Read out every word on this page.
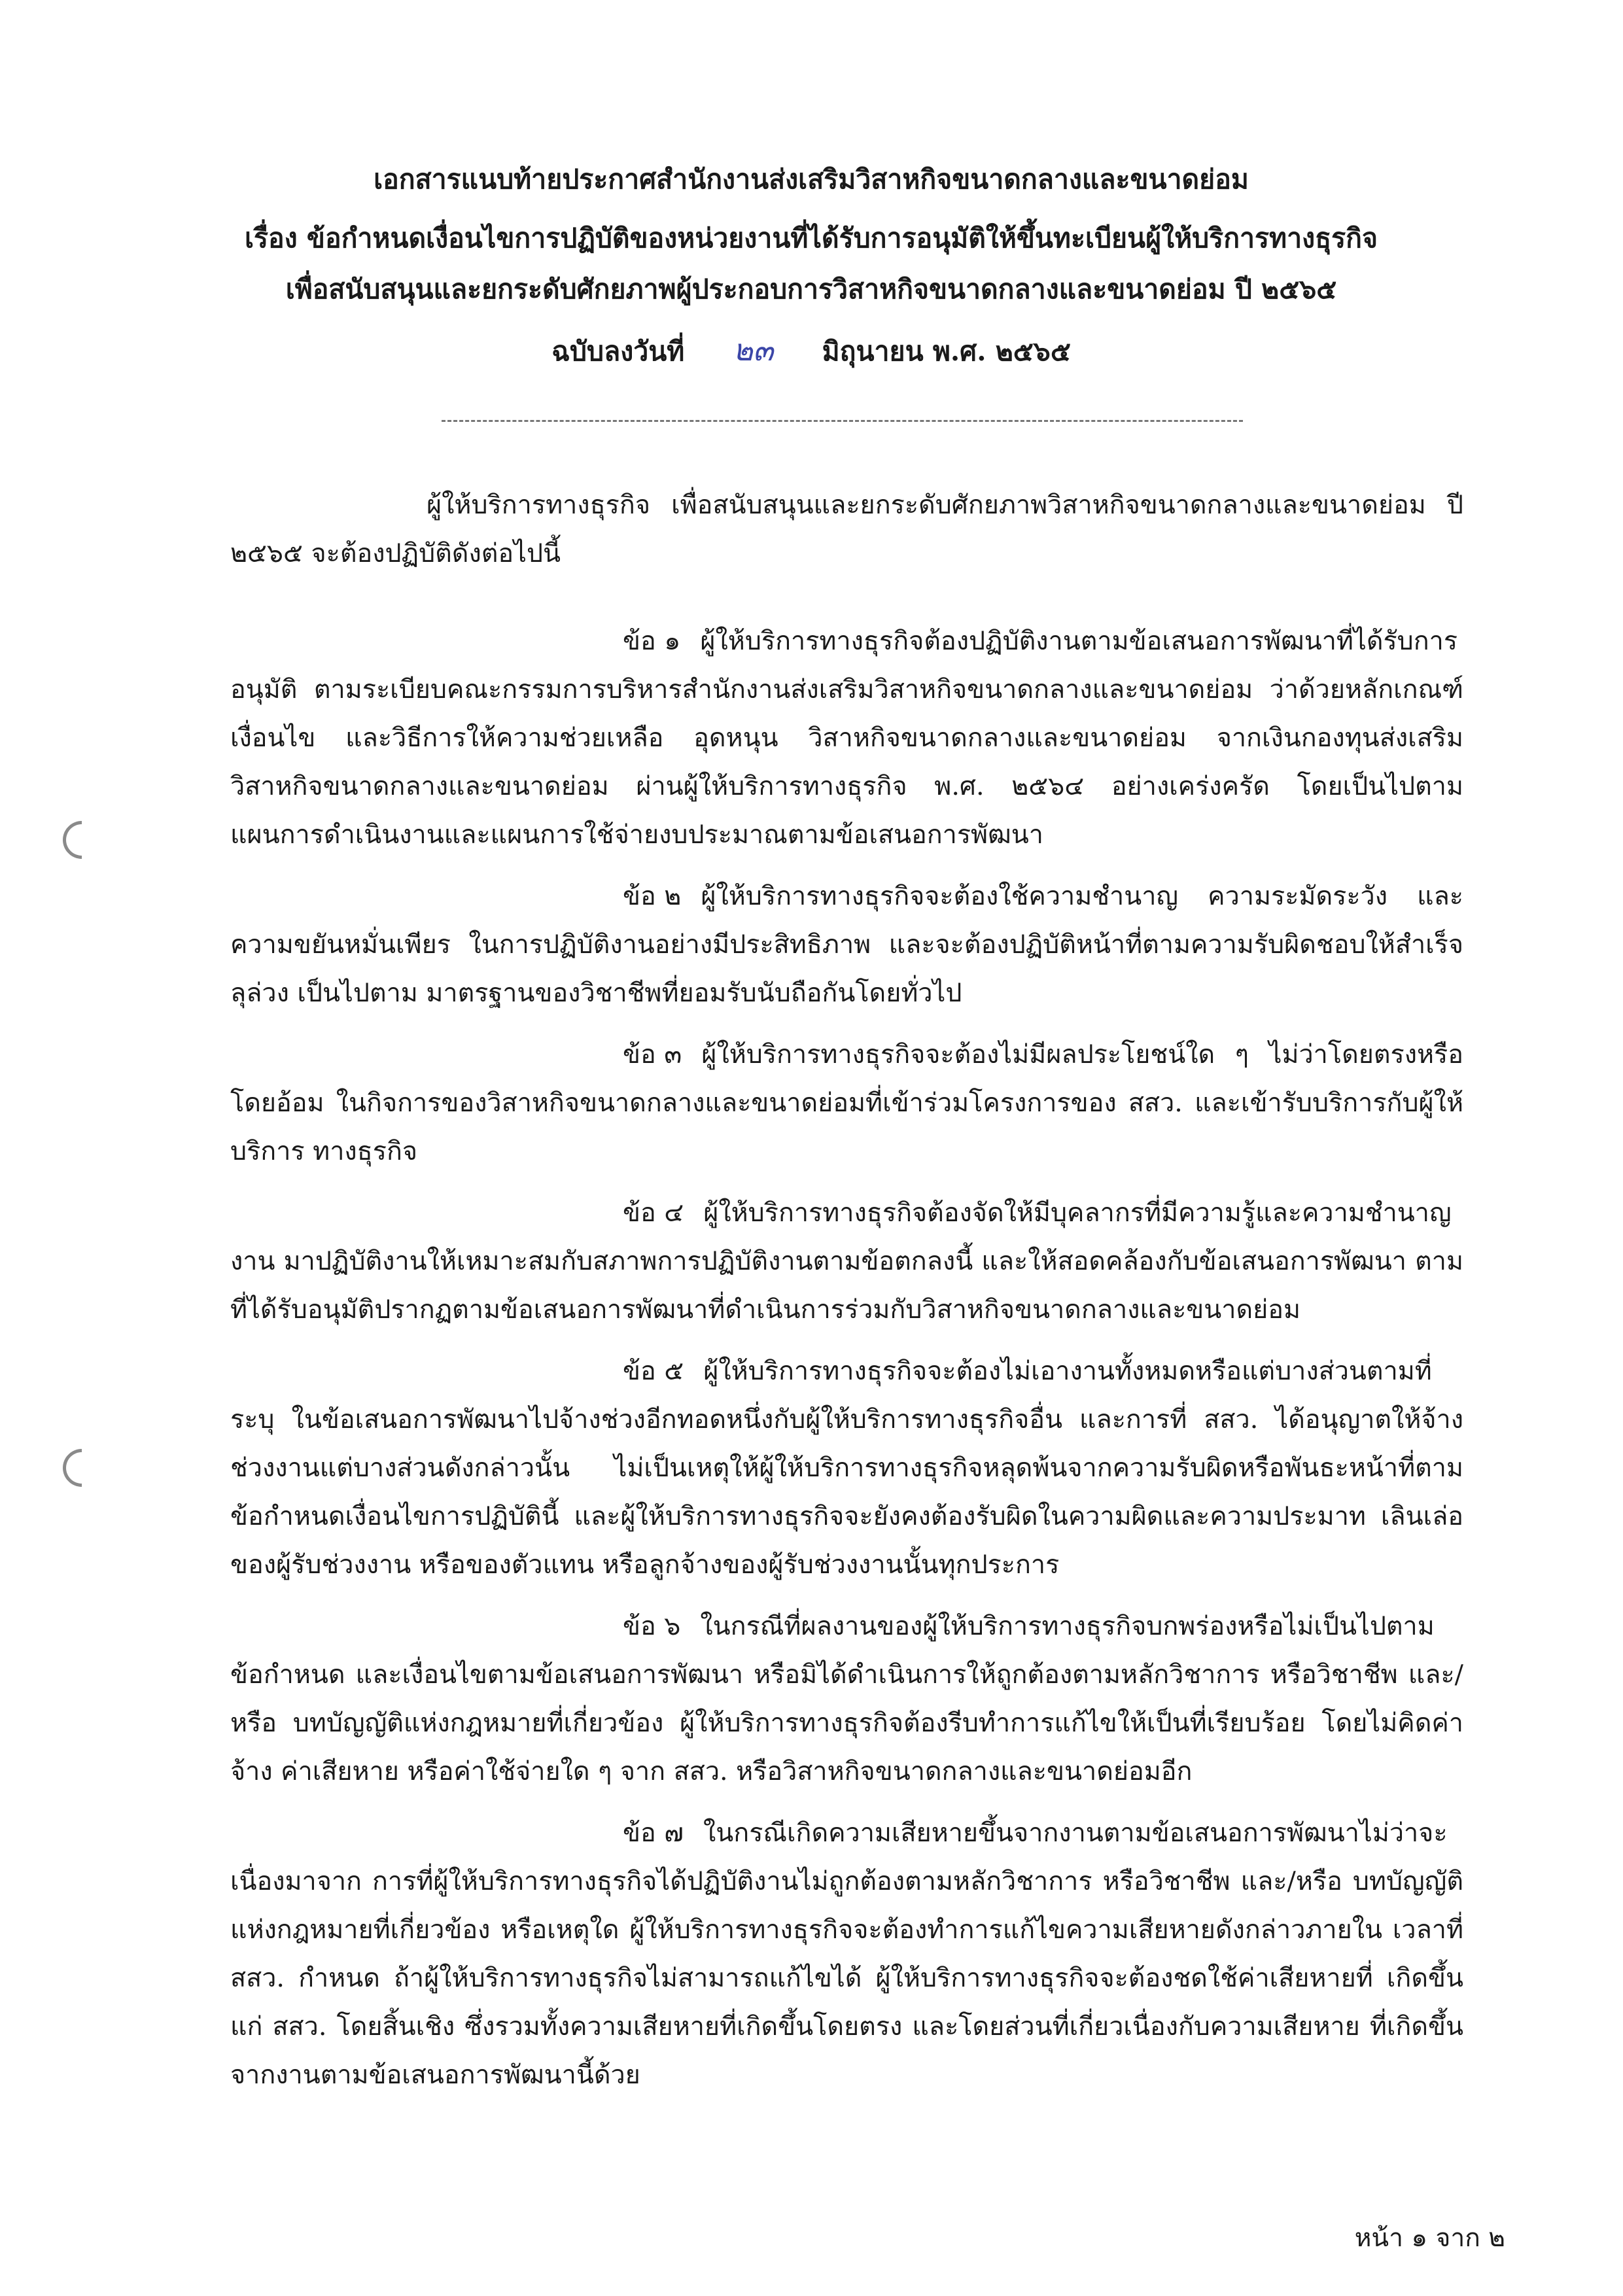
เอกสารแนบท้ายประกาศสำนักงานส่งเสริมวิสาหกิจขนาดกลางและขนาดย่อม
เรื่อง ข้อกำหนดเงื่อนไขการปฏิบัติของหน่วยงานที่ได้รับการอนุมัติให้ขึ้นทะเบียนผู้ให้บริการทางธุรกิจ
เพื่อสนับสนุนและยกระดับศักยภาพผู้ประกอบการวิสาหกิจขนาดกลางและขนาดย่อม ปี ๒๕๖๕
ฉบับลงวันที่ ๒๓ มิถุนายน พ.ศ. ๒๕๖๕

ผู้ให้บริการทางธุรกิจ เพื่อสนับสนุนและยกระดับศักยภาพวิสาหกิจขนาดกลางและขนาดย่อม ปี ๒๕๖๕ จะต้องปฏิบัติดังต่อไปนี้

ข้อ ๑ ผู้ให้บริการทางธุรกิจต้องปฏิบัติงานตามข้อเสนอการพัฒนาที่ได้รับการอนุมัติ ตามระเบียบคณะกรรมการบริหารสำนักงานส่งเสริมวิสาหกิจขนาดกลางและขนาดย่อม ว่าด้วยหลักเกณฑ์ เงื่อนไข และวิธีการให้ความช่วยเหลือ อุดหนุน วิสาหกิจขนาดกลางและขนาดย่อม จากเงินกองทุนส่งเสริม วิสาหกิจขนาดกลางและขนาดย่อม ผ่านผู้ให้บริการทางธุรกิจ พ.ศ. ๒๕๖๔ อย่างเคร่งครัด โดยเป็นไปตาม แผนการดำเนินงานและแผนการใช้จ่ายงบประมาณตามข้อเสนอการพัฒนา

ข้อ ๒ ผู้ให้บริการทางธุรกิจจะต้องใช้ความชำนาญ ความระมัดระวัง และความขยันหมั่นเพียร ในการปฏิบัติงานอย่างมีประสิทธิภาพ และจะต้องปฏิบัติหน้าที่ตามความรับผิดชอบให้สำเร็จลุล่วง เป็นไปตาม มาตรฐานของวิชาชีพที่ยอมรับนับถือกันโดยทั่วไป

ข้อ ๓ ผู้ให้บริการทางธุรกิจจะต้องไม่มีผลประโยชน์ใด ๆ ไม่ว่าโดยตรงหรือโดยอ้อม ในกิจการของวิสาหกิจขนาดกลางและขนาดย่อมที่เข้าร่วมโครงการของ สสว. และเข้ารับบริการกับผู้ให้บริการ ทางธุรกิจ

ข้อ ๔ ผู้ให้บริการทางธุรกิจต้องจัดให้มีบุคลากรที่มีความรู้และความชำนาญงาน มาปฏิบัติงานให้เหมาะสมกับสภาพการปฏิบัติงานตามข้อตกลงนี้ และให้สอดคล้องกับข้อเสนอการพัฒนา ตามที่ได้รับอนุมัติปรากฏตามข้อเสนอการพัฒนาที่ดำเนินการร่วมกับวิสาหกิจขนาดกลางและขนาดย่อม

ข้อ ๕ ผู้ให้บริการทางธุรกิจจะต้องไม่เอางานทั้งหมดหรือแต่บางส่วนตามที่ระบุ ในข้อเสนอการพัฒนาไปจ้างช่วงอีกทอดหนึ่งกับผู้ให้บริการทางธุรกิจอื่น และการที่ สสว. ได้อนุญาตให้จ้าง ช่วงงานแต่บางส่วนดังกล่าวนั้น ไม่เป็นเหตุให้ผู้ให้บริการทางธุรกิจหลุดพ้นจากความรับผิดหรือพันธะหน้าที่ตาม ข้อกำหนดเงื่อนไขการปฏิบัตินี้ และผู้ให้บริการทางธุรกิจจะยังคงต้องรับผิดในความผิดและความประมาท เลินเล่อของผู้รับช่วงงาน หรือของตัวแทน หรือลูกจ้างของผู้รับช่วงงานนั้นทุกประการ

ข้อ ๖ ในกรณีที่ผลงานของผู้ให้บริการทางธุรกิจบกพร่องหรือไม่เป็นไปตามข้อกำหนด และเงื่อนไขตามข้อเสนอการพัฒนา หรือมิได้ดำเนินการให้ถูกต้องตามหลักวิชาการ หรือวิชาชีพ และ/หรือ บทบัญญัติแห่งกฎหมายที่เกี่ยวข้อง ผู้ให้บริการทางธุรกิจต้องรีบทำการแก้ไขให้เป็นที่เรียบร้อย โดยไม่คิดค่าจ้าง ค่าเสียหาย หรือค่าใช้จ่ายใด ๆ จาก สสว. หรือวิสาหกิจขนาดกลางและขนาดย่อมอีก

ข้อ ๗ ในกรณีเกิดความเสียหายขึ้นจากงานตามข้อเสนอการพัฒนาไม่ว่าจะเนื่องมาจาก การที่ผู้ให้บริการทางธุรกิจได้ปฏิบัติงานไม่ถูกต้องตามหลักวิชาการ หรือวิชาชีพ และ/หรือ บทบัญญัติ แห่งกฎหมายที่เกี่ยวข้อง หรือเหตุใด ผู้ให้บริการทางธุรกิจจะต้องทำการแก้ไขความเสียหายดังกล่าวภายใน เวลาที่ สสว. กำหนด ถ้าผู้ให้บริการทางธุรกิจไม่สามารถแก้ไขได้ ผู้ให้บริการทางธุรกิจจะต้องชดใช้ค่าเสียหายที่ เกิดขึ้นแก่ สสว. โดยสิ้นเชิง ซึ่งรวมทั้งความเสียหายที่เกิดขึ้นโดยตรง และโดยส่วนที่เกี่ยวเนื่องกับความเสียหาย ที่เกิดขึ้นจากงานตามข้อเสนอการพัฒนานี้ด้วย

หน้า ๑ จาก ๒
